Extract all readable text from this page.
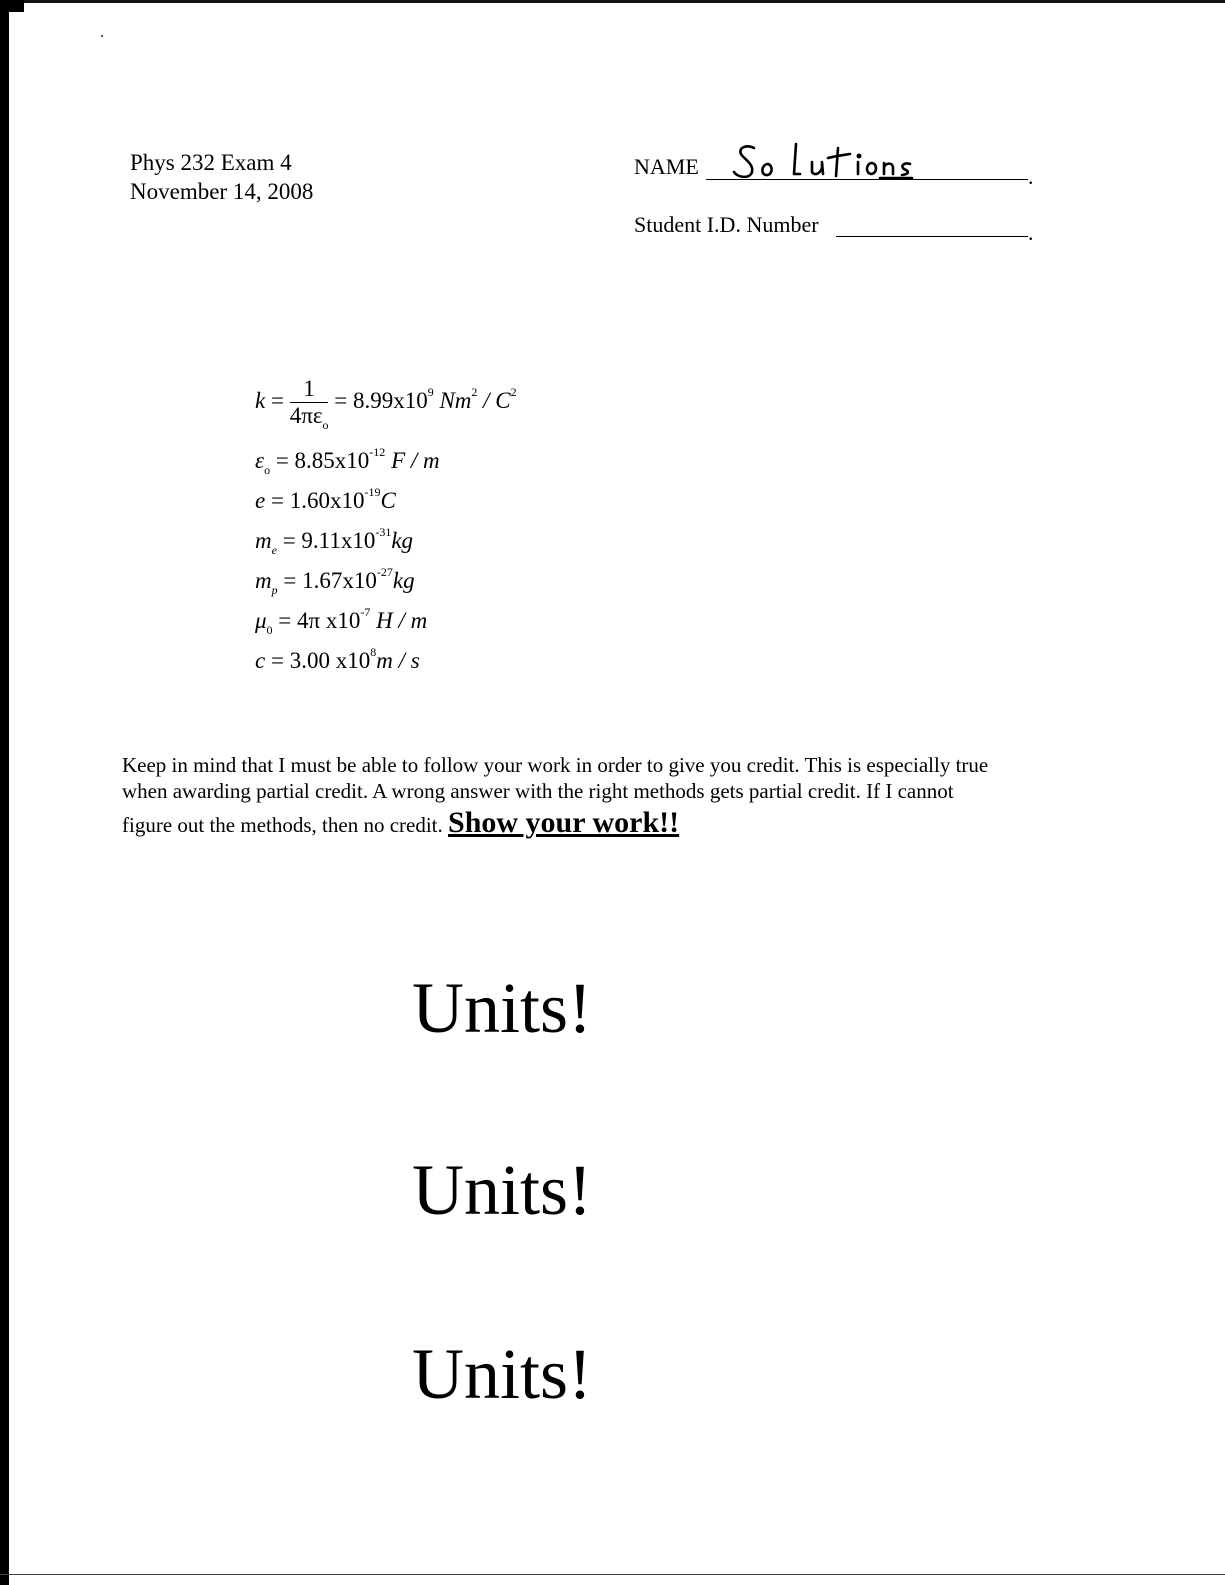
Phys 232 Exam 4
November 14, 2008
NAME	.
Student I.D. Number	.
$k = \frac{1}{4\pi\varepsilon_o} = 8.99x10^9$ $Nm^2 / C^2$
$\varepsilon_o = 8.85x10^{-12}$ F / m
$e = 1.60x10^{-19}C$
$m_e = 9.11x10^{-31}kg$
$m_p = 1.67x10^{-27}kg$
$\mu_0 = 4\pi$ $x10^{-7}$ H / m
c = 3.00 $x10^8m$ / s
Keep in mind that I must be able to follow your work in order to give you credit. This is especially true
when awarding partial credit. A wrong answer with the right methods gets partial credit. If I cannot
figure out the methods, then no credit. Show your work!!
Units!
Units!
Units!
